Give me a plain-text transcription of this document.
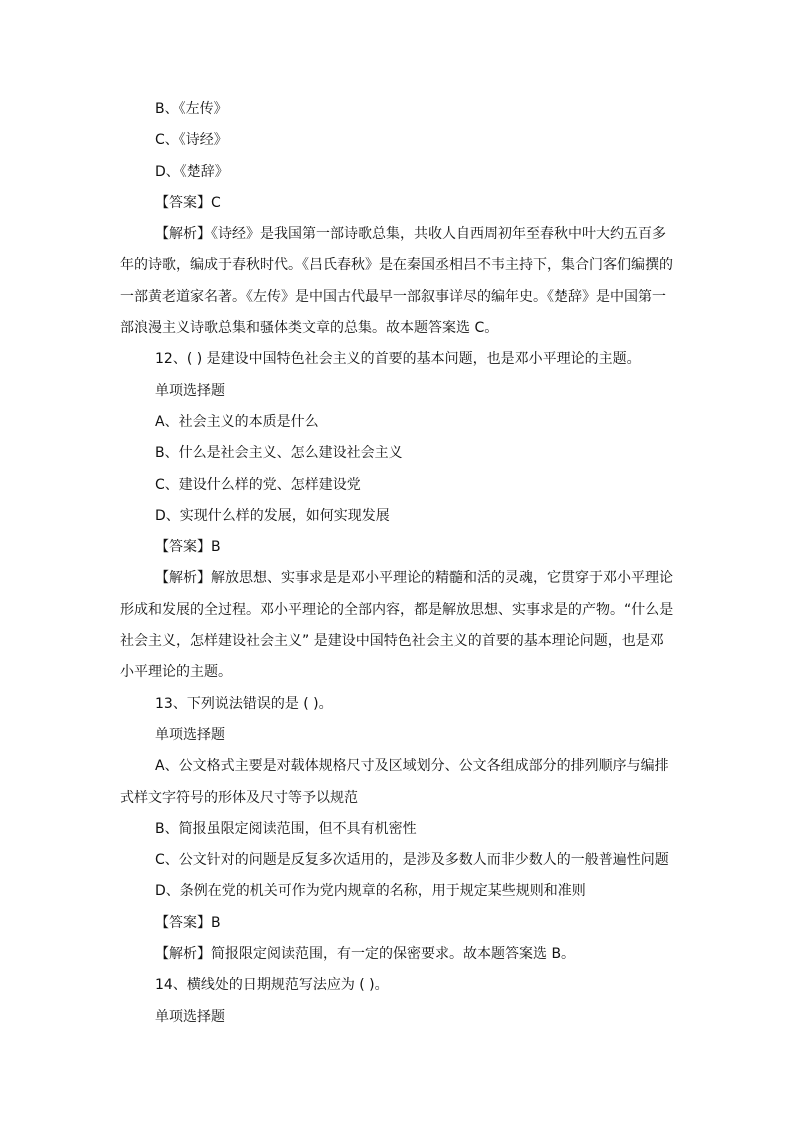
B、《左传》
C、《诗经》
D、《楚辞》
【答案】C
【解析】《诗经》是我国第一部诗歌总集，共收人自西周初年至春秋中叶大约五百多
年的诗歌，编成于春秋时代。《吕氏春秋》是在秦国丞相吕不韦主持下，集合门客们编撰的
一部黄老道家名著。《左传》是中国古代最早一部叙事详尽的编年史。《楚辞》是中国第一
部浪漫主义诗歌总集和骚体类文章的总集。故本题答案选 C。
12、( ) 是建设中国特色社会主义的首要的基本问题，也是邓小平理论的主题。
单项选择题
A、社会主义的本质是什么
B、什么是社会主义、怎么建设社会主义
C、建设什么样的党、怎样建设党
D、实现什么样的发展，如何实现发展
【答案】B
【解析】解放思想、实事求是是邓小平理论的精髓和活的灵魂，它贯穿于邓小平理论
形成和发展的全过程。邓小平理论的全部内容，都是解放思想、实事求是的产物。“什么是
社会主义，怎样建设社会主义” 是建设中国特色社会主义的首要的基本理论问题，也是邓
小平理论的主题。
13、下列说法错误的是 ( )。
单项选择题
A、公文格式主要是对载体规格尺寸及区域划分、公文各组成部分的排列顺序与编排
式样文字符号的形体及尺寸等予以规范
B、简报虽限定阅读范围，但不具有机密性
C、公文针对的问题是反复多次适用的，是涉及多数人而非少数人的一般普遍性问题
D、条例在党的机关可作为党内规章的名称，用于规定某些规则和准则
【答案】B
【解析】简报限定阅读范围，有一定的保密要求。故本题答案选 B。
14、横线处的日期规范写法应为 ( )。
单项选择题
